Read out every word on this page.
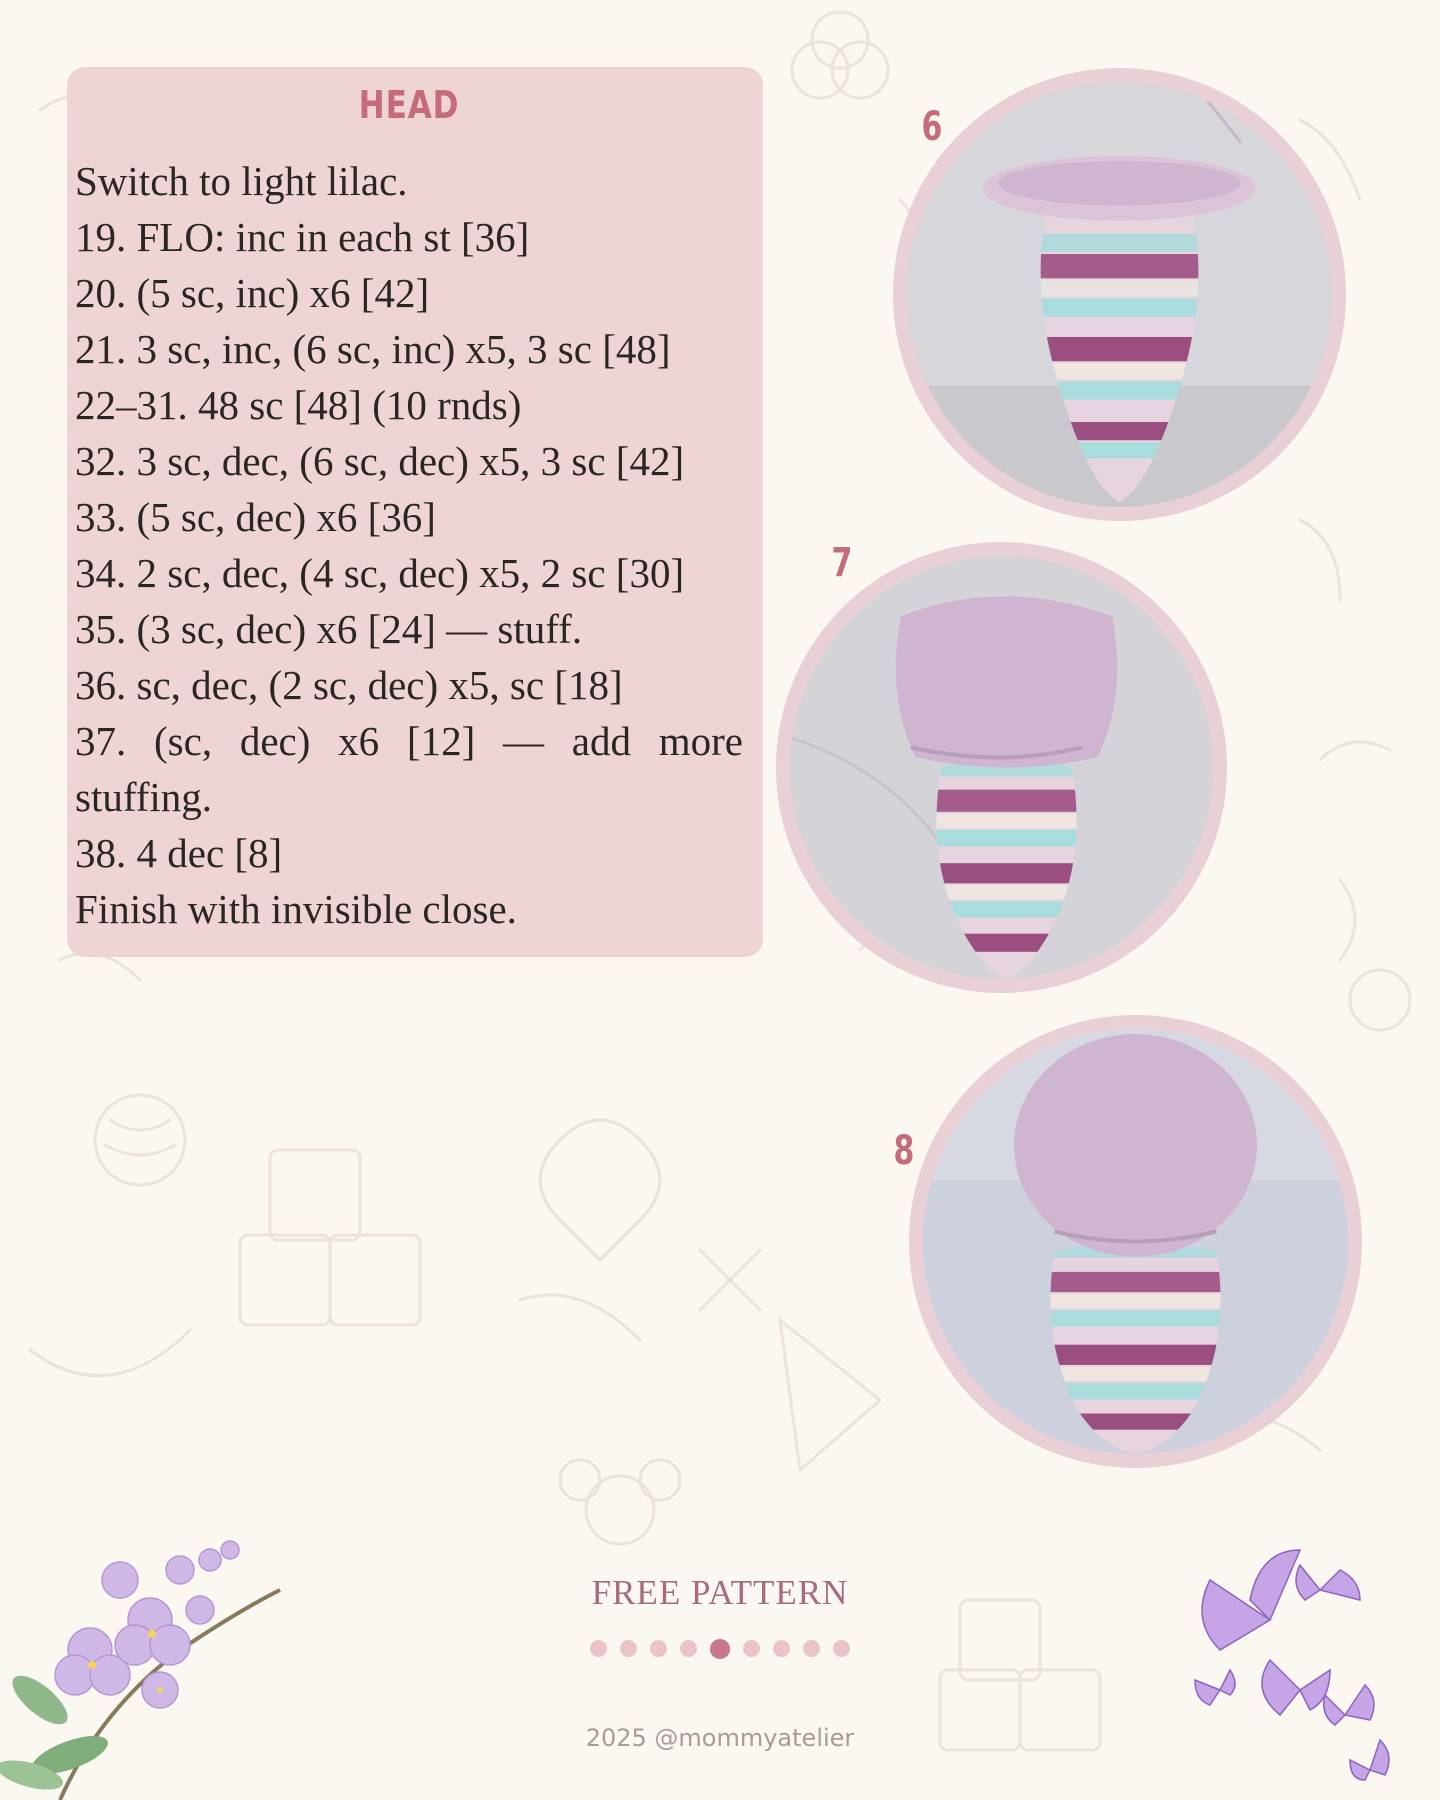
HEAD
Switch to light lilac.
19. FLO: inc in each st [36]
20. (5 sc, inc) x6 [42]
21. 3 sc, inc, (6 sc, inc) x5, 3 sc [48]
22–31. 48 sc [48] (10 rnds)
32. 3 sc, dec, (6 sc, dec) x5, 3 sc [42]
33. (5 sc, dec) x6 [36]
34. 2 sc, dec, (4 sc, dec) x5, 2 sc [30]
35. (3 sc, dec) x6 [24] — stuff.
36. sc, dec, (2 sc, dec) x5, sc [18]
37. (sc, dec) x6 [12] — add more stuffing.
38. 4 dec [8]
Finish with invisible close.
6
7
8
FREE PATTERN

2025 @mommyatelier
